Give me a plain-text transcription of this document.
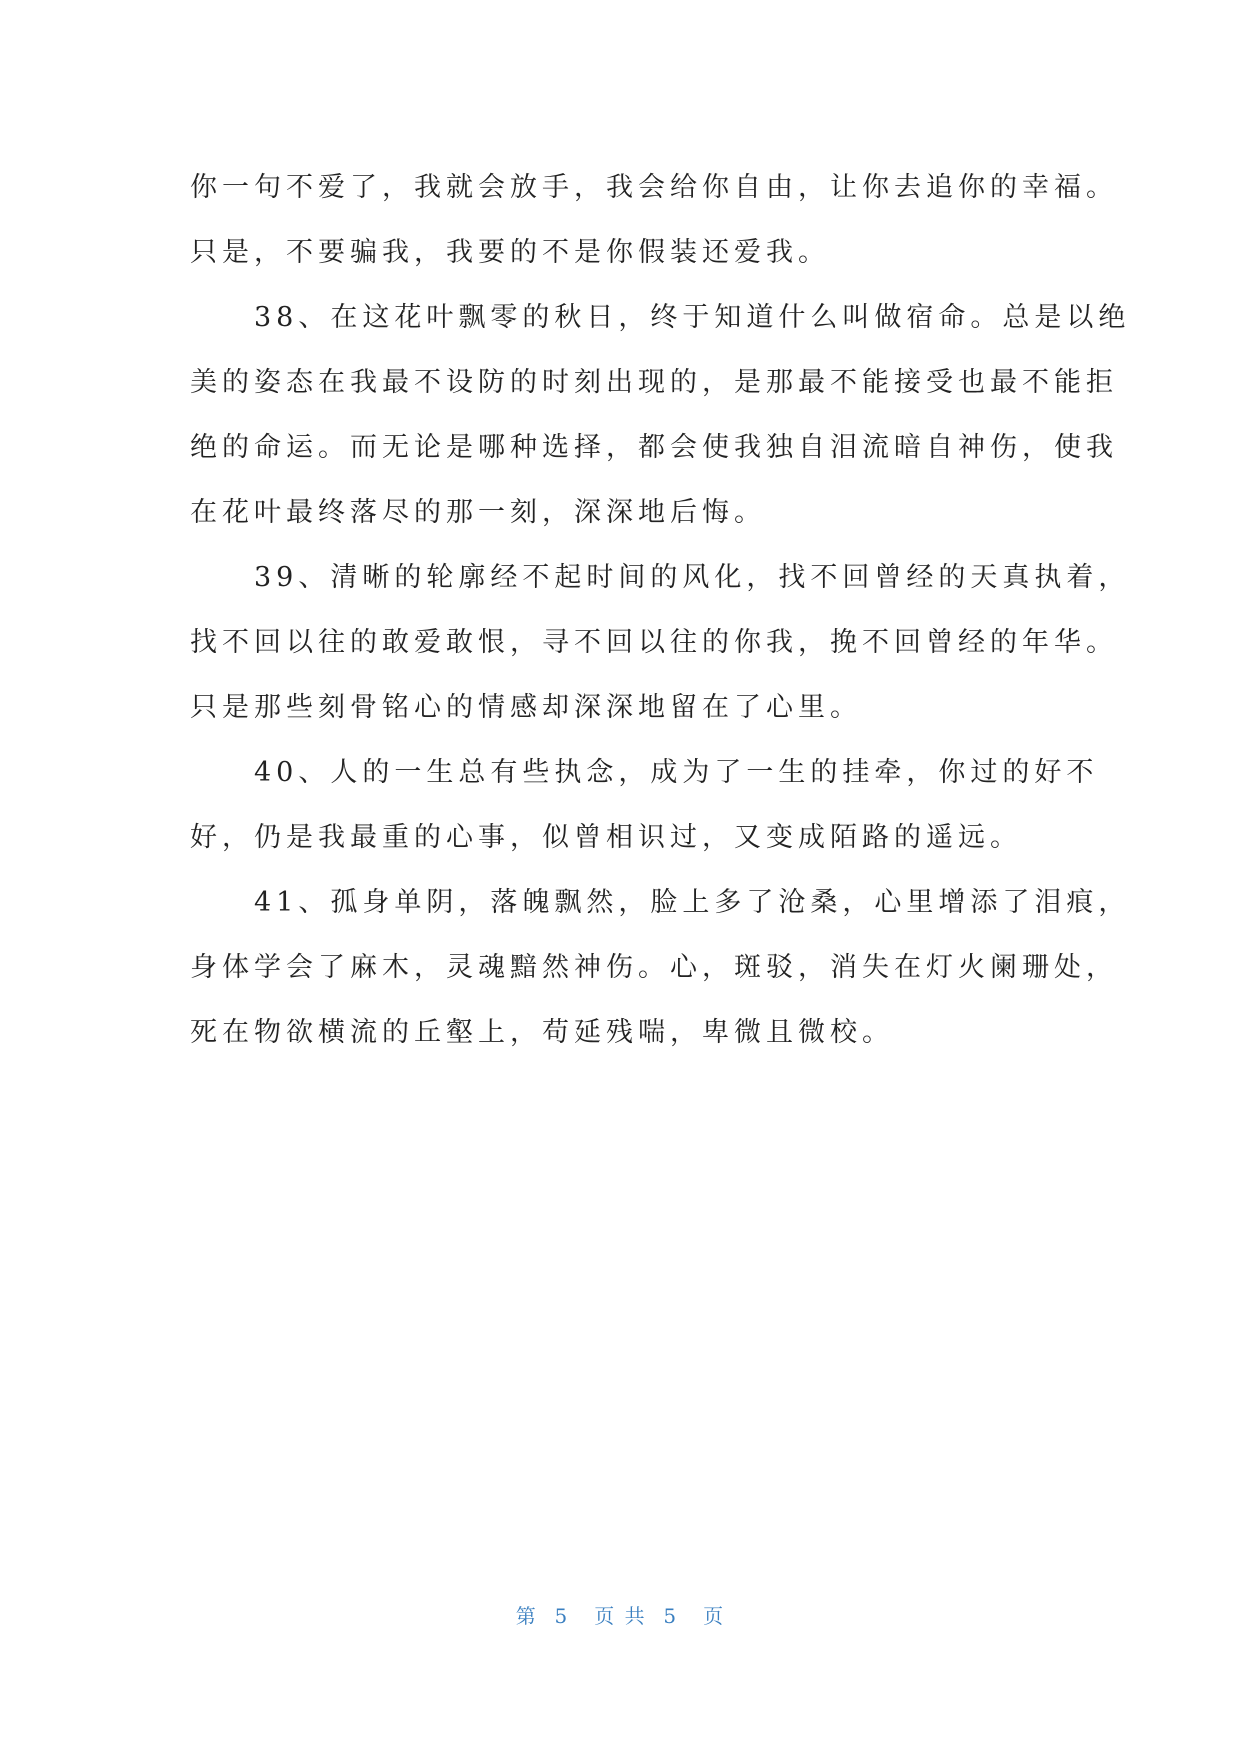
你一句不爱了，我就会放手，我会给你自由，让你去追你的幸福。
只是，不要骗我，我要的不是你假装还爱我。
　　38、在这花叶飘零的秋日，终于知道什么叫做宿命。总是以绝
美的姿态在我最不设防的时刻出现的，是那最不能接受也最不能拒
绝的命运。而无论是哪种选择，都会使我独自泪流暗自神伤，使我
在花叶最终落尽的那一刻，深深地后悔。
　　39、清晰的轮廓经不起时间的风化，找不回曾经的天真执着，
找不回以往的敢爱敢恨，寻不回以往的你我，挽不回曾经的年华。
只是那些刻骨铭心的情感却深深地留在了心里。
　　40、人的一生总有些执念，成为了一生的挂牵，你过的好不
好，仍是我最重的心事，似曾相识过，又变成陌路的遥远。
　　41、孤身单阴，落魄飘然，脸上多了沧桑，心里增添了泪痕，
身体学会了麻木，灵魂黯然神伤。心，斑驳，消失在灯火阑珊处，
死在物欲横流的丘壑上，苟延残喘，卑微且微校。
第  5   页 共  5   页
